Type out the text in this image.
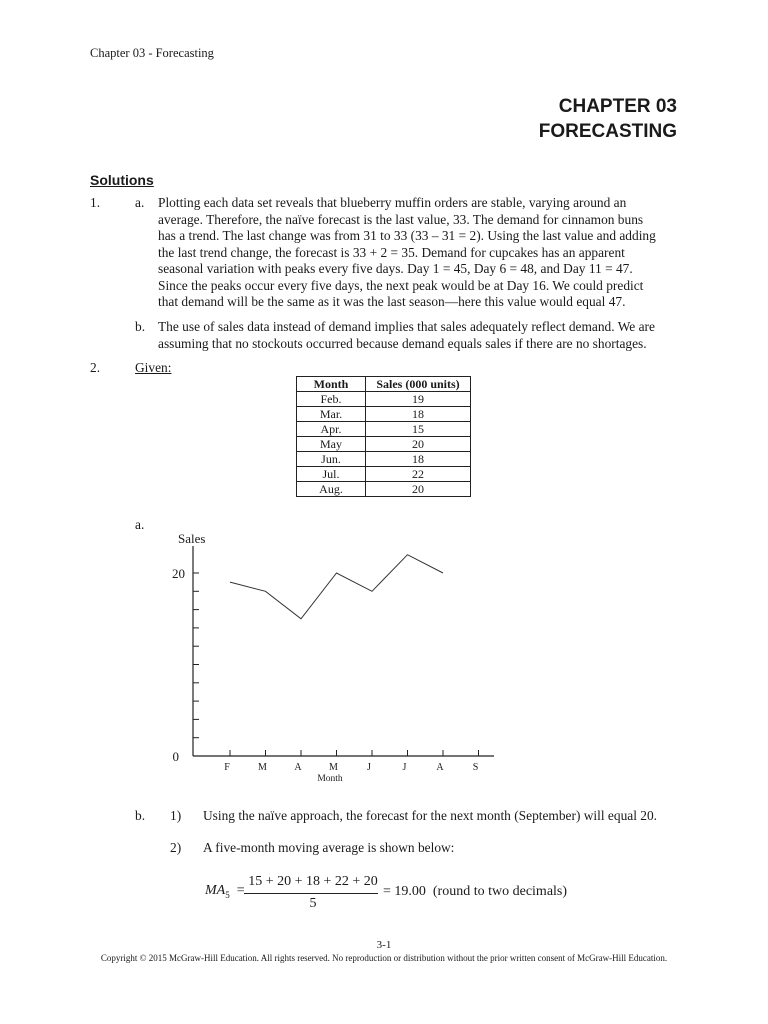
Chapter 03 - Forecasting
CHAPTER 03
FORECASTING
Solutions
1.	a. Plotting each data set reveals that blueberry muffin orders are stable, varying around an
average. Therefore, the naïve forecast is the last value, 33. The demand for cinnamon buns
has a trend. The last change was from 31 to 33 (33 – 31 = 2). Using the last value and adding
the last trend change, the forecast is 33 + 2 = 35. Demand for cupcakes has an apparent
seasonal variation with peaks every five days. Day 1 = 45, Day 6 = 48, and Day 11 = 47.
Since the peaks occur every five days, the next peak would be at Day 16. We could predict
that demand will be the same as it was the last season—here this value would equal 47.
b. The use of sales data instead of demand implies that sales adequately reflect demand. We are
assuming that no stockouts occurred because demand equals sales if there are no shortages.
2.	Given:
Month	Sales (000 units)
Feb.	19
Mar.	18
Apr.	15
May	20
Jun.	18
Jul.	22
Aug.	20
a.
Sales
Month
20
0
F	M	A	M	J	J	A	S
b. 1) Using the naïve approach, the forecast for the next month (September) will equal 20.
2) A five-month moving average is shown below:
$MA_5$  =
15 + 20 + 18 + 22 + 20
5
= 19.00  (round to two decimals)
3-1
Copyright © 2015 McGraw-Hill Education. All rights reserved. No reproduction or distribution without the prior written consent of McGraw-Hill Education.
